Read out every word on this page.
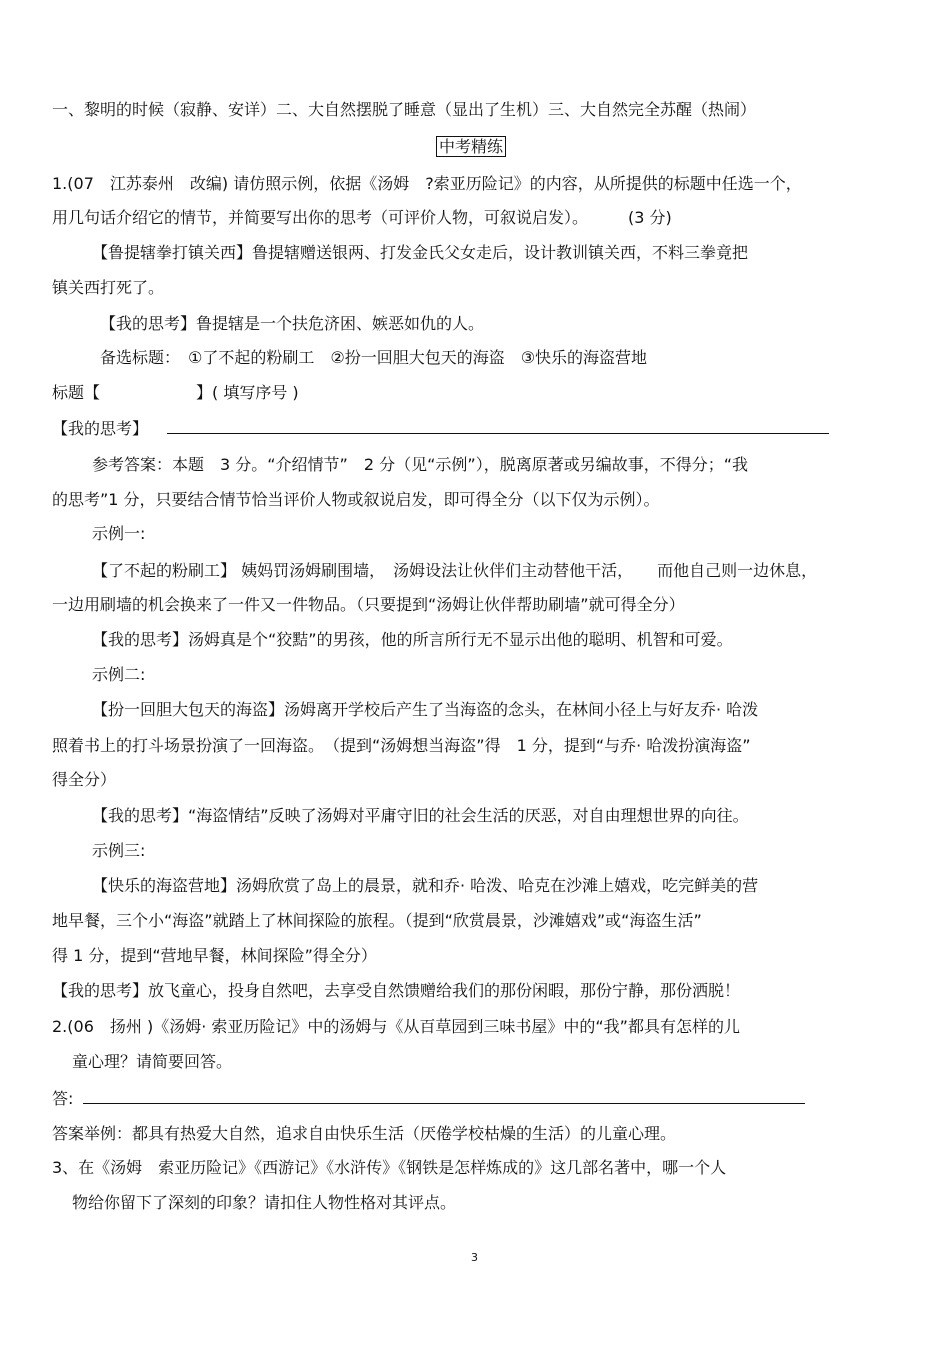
一、黎明的时候（寂静、安详）二、大自然摆脱了睡意（显出了生机）三、大自然完全苏醒（热闹）
中考精练
1.(07　江苏泰州　改编) 请仿照示例，依据《汤姆　?索亚历险记》的内容，从所提供的标题中任选一个，
用几句话介绍它的情节，并简要写出你的思考（可评价人物，可叙说启发）。　　　(3 分)
【鲁提辖拳打镇关西】鲁提辖赠送银两、打发金氏父女走后，设计教训镇关西，不料三拳竟把
镇关西打死了。
【我的思考】鲁提辖是一个扶危济困、嫉恶如仇的人。
备选标题：　①了不起的粉刷工　②扮一回胆大包天的海盗　③快乐的海盗营地
标题【　　　　　　】( 填写序号 )
【我的思考】
参考答案：本题　3 分。“介绍情节”　2 分（见“示例”），脱离原著或另编故事，不得分；“我
的思考”1 分，只要结合情节恰当评价人物或叙说启发，即可得全分（以下仅为示例）。
示例一:
【了不起的粉刷工】 姨妈罚汤姆刷围墙，　汤姆设法让伙伴们主动替他干活，　　而他自己则一边休息，
一边用刷墙的机会换来了一件又一件物品。（只要提到“汤姆让伙伴帮助刷墙”就可得全分）
【我的思考】汤姆真是个“狡黠”的男孩，他的所言所行无不显示出他的聪明、机智和可爱。
示例二:
【扮一回胆大包天的海盗】汤姆离开学校后产生了当海盗的念头，在林间小径上与好友乔· 哈泼
照着书上的打斗场景扮演了一回海盗。　（提到“汤姆想当海盗”得　1 分，提到“与乔· 哈泼扮演海盗”
得全分）
【我的思考】“海盗情结”反映了汤姆对平庸守旧的社会生活的厌恶，对自由理想世界的向往。
示例三:
【快乐的海盗营地】汤姆欣赏了岛上的晨景，就和乔· 哈泼、哈克在沙滩上嬉戏，吃完鲜美的营
地早餐，三个小“海盗”就踏上了林间探险的旅程。（提到“欣赏晨景，沙滩嬉戏”或“海盗生活”
得 1 分，提到“营地早餐，林间探险”得全分）
【我的思考】放飞童心，投身自然吧，去享受自然馈赠给我们的那份闲暇，那份宁静，那份洒脱！
2.(06　扬州 )《汤姆· 索亚历险记》中的汤姆与《从百草园到三味书屋》中的“我”都具有怎样的儿
童心理？请简要回答。
答:
答案举例：都具有热爱大自然，追求自由快乐生活（厌倦学校枯燥的生活）的儿童心理。
3、在《汤姆　索亚历险记》《西游记》《水浒传》《钢铁是怎样炼成的》这几部名著中，哪一个人
物给你留下了深刻的印象？请扣住人物性格对其评点。
3
